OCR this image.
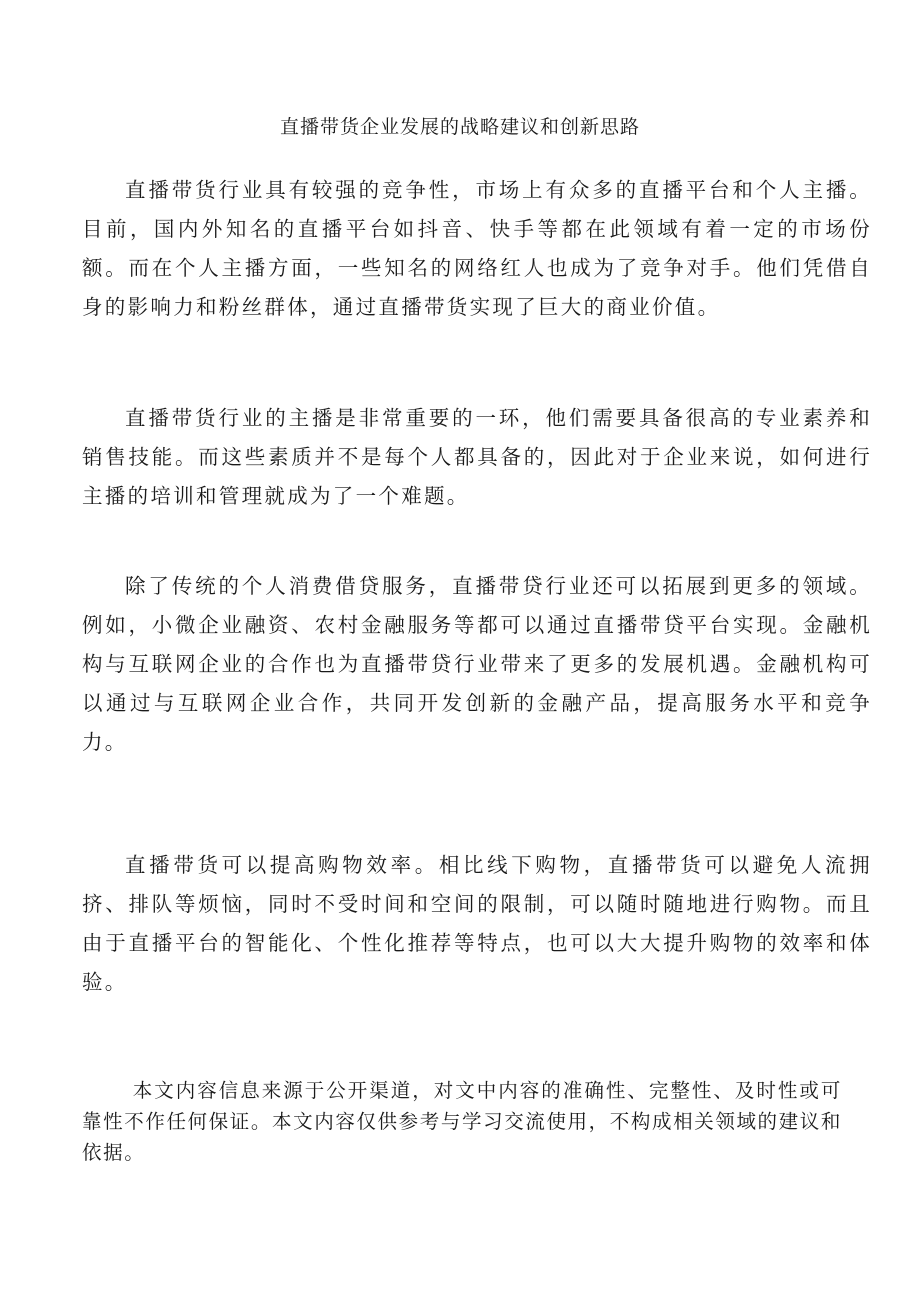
直播带货企业发展的战略建议和创新思路

直播带货行业具有较强的竞争性，市场上有众多的直播平台和个人主播。目前，国内外知名的直播平台如抖音、快手等都在此领域有着一定的市场份额。而在个人主播方面，一些知名的网络红人也成为了竞争对手。他们凭借自身的影响力和粉丝群体，通过直播带货实现了巨大的商业价值。

直播带货行业的主播是非常重要的一环，他们需要具备很高的专业素养和销售技能。而这些素质并不是每个人都具备的，因此对于企业来说，如何进行主播的培训和管理就成为了一个难题。

除了传统的个人消费借贷服务，直播带贷行业还可以拓展到更多的领域。例如，小微企业融资、农村金融服务等都可以通过直播带贷平台实现。金融机构与互联网企业的合作也为直播带贷行业带来了更多的发展机遇。金融机构可以通过与互联网企业合作，共同开发创新的金融产品，提高服务水平和竞争力。

直播带货可以提高购物效率。相比线下购物，直播带货可以避免人流拥挤、排队等烦恼，同时不受时间和空间的限制，可以随时随地进行购物。而且由于直播平台的智能化、个性化推荐等特点，也可以大大提升购物的效率和体验。

本文内容信息来源于公开渠道，对文中内容的准确性、完整性、及时性或可靠性不作任何保证。本文内容仅供参考与学习交流使用，不构成相关领域的建议和依据。
